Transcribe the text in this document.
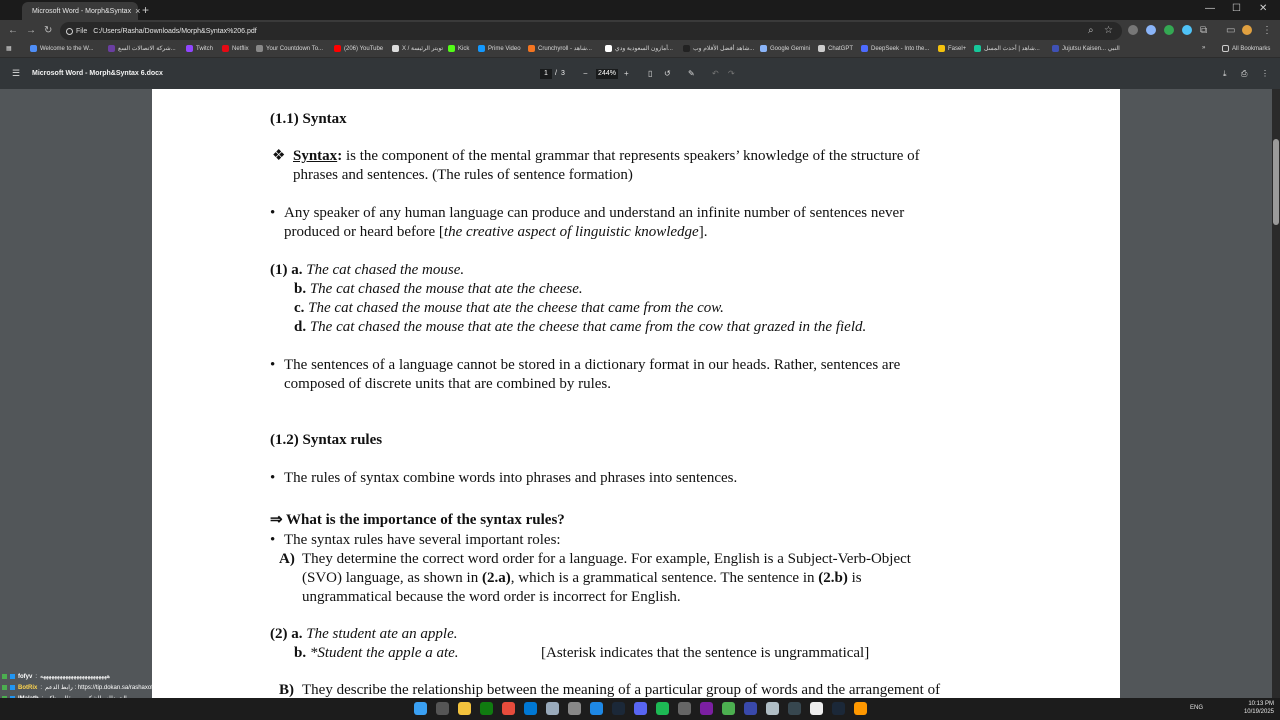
Microsoft Word - Morph&Syntax × +	— ☐ ✕
← → ↻	File C:/Users/Rasha/Downloads/Morph&Syntax%206.pdf	⌕ ☆	⧉ ▭	⋮
▦	Welcome to the W...	شركة الاتصالات السع...	Twitch	Netflix	Your Countdown To...	(206) YouTube	X / تويتر الرئيسة Kick	Prime Video	Crunchyroll - شاهد...	أمازون السعودية ودي...	شاهد أفضل الأفلام وب...	Google Gemini	ChatGPT	DeepSeek - Into the...	Fasel+	شاهد | أحدث المسل...	Jujutsu Kaisen... النبي	»	All Bookmarks
☰ Microsoft Word - Morph&Syntax 6.docx	1	/ 3 − 244% + ▯ ↺ ✎ ↶ ↷	⤓ ⎙ ⋮
(1.1) Syntax
❖ Syntax: is the component of the mental grammar that represents speakers’ knowledge of the structure of
phrases and sentences. (The rules of sentence formation)
• Any speaker of any human language can produce and understand an infinite number of sentences never
produced or heard before [the creative aspect of linguistic knowledge].
(1) a. The cat chased the mouse.
b. The cat chased the mouse that ate the cheese.
c. The cat chased the mouse that ate the cheese that came from the cow.
d. The cat chased the mouse that ate the cheese that came from the cow that grazed in the field.
• The sentences of a language cannot be stored in a dictionary format in our heads. Rather, sentences are
composed of discrete units that are combined by rules.
(1.2) Syntax rules
• The rules of syntax combine words into phrases and phrases into sentences.
⇒ What is the importance of the syntax rules?
• The syntax rules have several important roles:
A) They determine the correct word order for a language. For example, English is a Subject-Verb-Object
(SVO) language, as shown in (2.a), which is a grammatical sentence. The sentence in (2.b) is
ungrammatical because the word order is incorrect for English.
(2) a. The student ate an apple.
b. *Student the apple a ate.	[Asterisk indicates that the sentence is ungrammatical]
B) They describe the relationship between the meaning of a particular group of words and the arrangement of
fofyv : ههههههههههههههههههههههههه
BotRix : رابط الدعم : https://tip.dokan.sa/rashaxoffer
ENG
10:13 PM
10/19/2025
